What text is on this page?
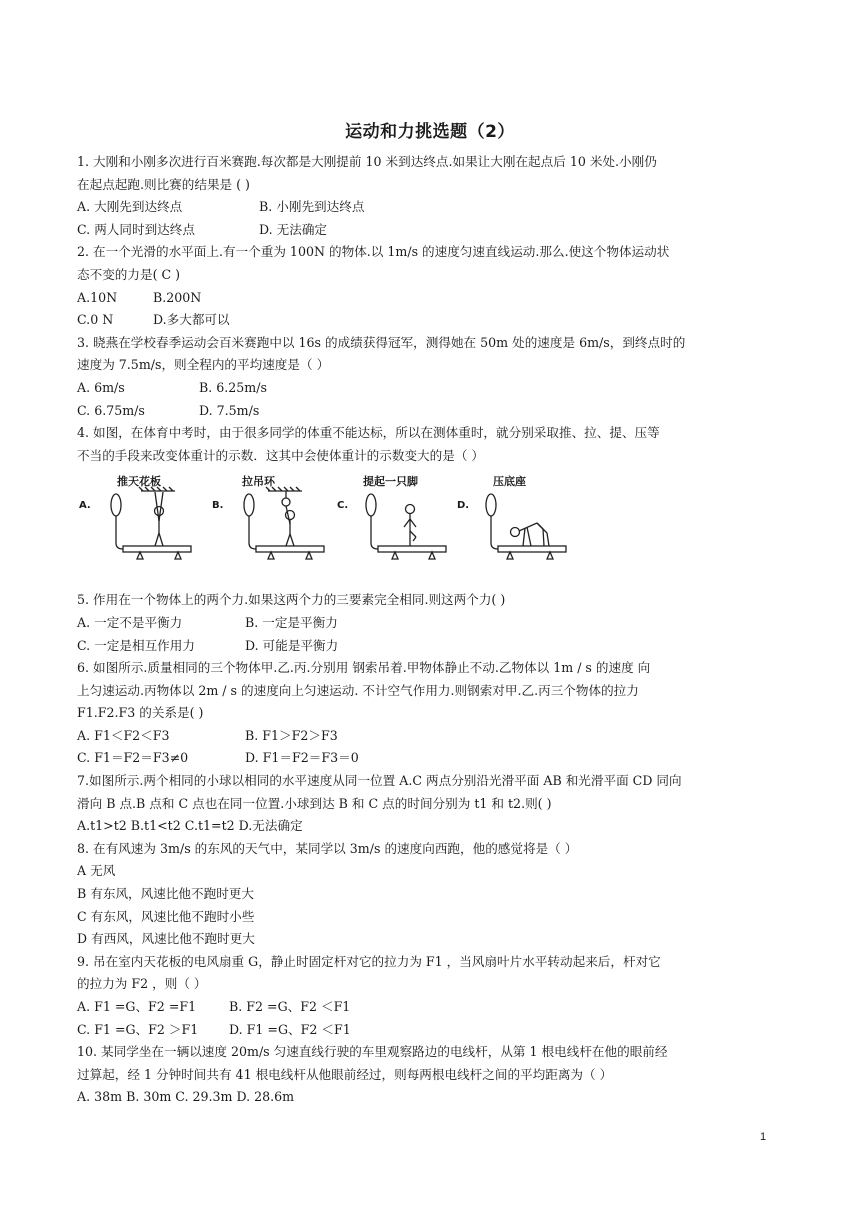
运动和力挑选题（2）
1. 大刚和小刚多次进行百米赛跑.每次都是大刚提前 10 米到达终点.如果让大刚在起点后 10 米处.小刚仍
在起点起跑.则比赛的结果是 ( )
A. 大刚先到达终点	B. 小刚先到达终点
C. 两人同时到达终点	D. 无法确定
2. 在一个光滑的水平面上.有一个重为 100N 的物体.以 1m/s 的速度匀速直线运动.那么.使这个物体运动状
态不变的力是( C )
A.10N	B.200N
C.0 N	D.多大都可以
3. 晓燕在学校春季运动会百米赛跑中以 16s 的成绩获得冠军，测得她在 50m 处的速度是 6m/s，到终点时的
速度为 7.5m/s，则全程内的平均速度是（ ）
A. 6m/s	B. 6.25m/s
C. 6.75m/s	D. 7.5m/s
4. 如图，在体育中考时，由于很多同学的体重不能达标，所以在测体重时，就分别采取推、拉、提、压等
不当的手段来改变体重计的示数．这其中会使体重计的示数变大的是（ ）
推天花板
A.
拉吊环
B.
提起一只脚
C.
压底座
D.
5. 作用在一个物体上的两个力.如果这两个力的三要素完全相同.则这两个力( )
A. 一定不是平衡力	B. 一定是平衡力
C. 一定是相互作用力	D. 可能是平衡力
6. 如图所示.质量相同的三个物体甲.乙.丙.分别用 钢索吊着.甲物体静止不动.乙物体以 1m / s 的速度 向
上匀速运动.丙物体以 2m / s 的速度向上匀速运动. 不计空气作用力.则钢索对甲.乙.丙三个物体的拉力
F1.F2.F3 的关系是( )
A. F1＜F2＜F3	B. F1＞F2＞F3
C. F1＝F2＝F3≠0	D. F1＝F2＝F3＝0
7.如图所示.两个相同的小球以相同的水平速度从同一位置 A.C 两点分别沿光滑平面 AB 和光滑平面 CD 同向
滑向 B 点.B 点和 C 点也在同一位置.小球到达 B 和 C 点的时间分别为 t1 和 t2.则( )
A.t1>t2 B.t1<t2 C.t1=t2 D.无法确定
8. 在有风速为 3m/s 的东风的天气中，某同学以 3m/s 的速度向西跑，他的感觉将是（ ）
A 无风
B 有东风，风速比他不跑时更大
C 有东风，风速比他不跑时小些
D 有西风，风速比他不跑时更大
9. 吊在室内天花板的电风扇重 G，静止时固定杆对它的拉力为 F1 ，当风扇叶片水平转动起来后，杆对它
的拉力为 F2 ，则（ ）
A. F1 =G、F2 =F1	B. F2 =G、F2 ＜F1
C. F1 =G、F2 ＞F1	D. F1 =G、F2 ＜F1
10. 某同学坐在一辆以速度 20m/s 匀速直线行驶的车里观察路边的电线杆，从第 1 根电线杆在他的眼前经
过算起，经 1 分钟时间共有 41 根电线杆从他眼前经过，则每两根电线杆之间的平均距离为（ ）
A. 38m B. 30m C. 29.3m D. 28.6m
1
